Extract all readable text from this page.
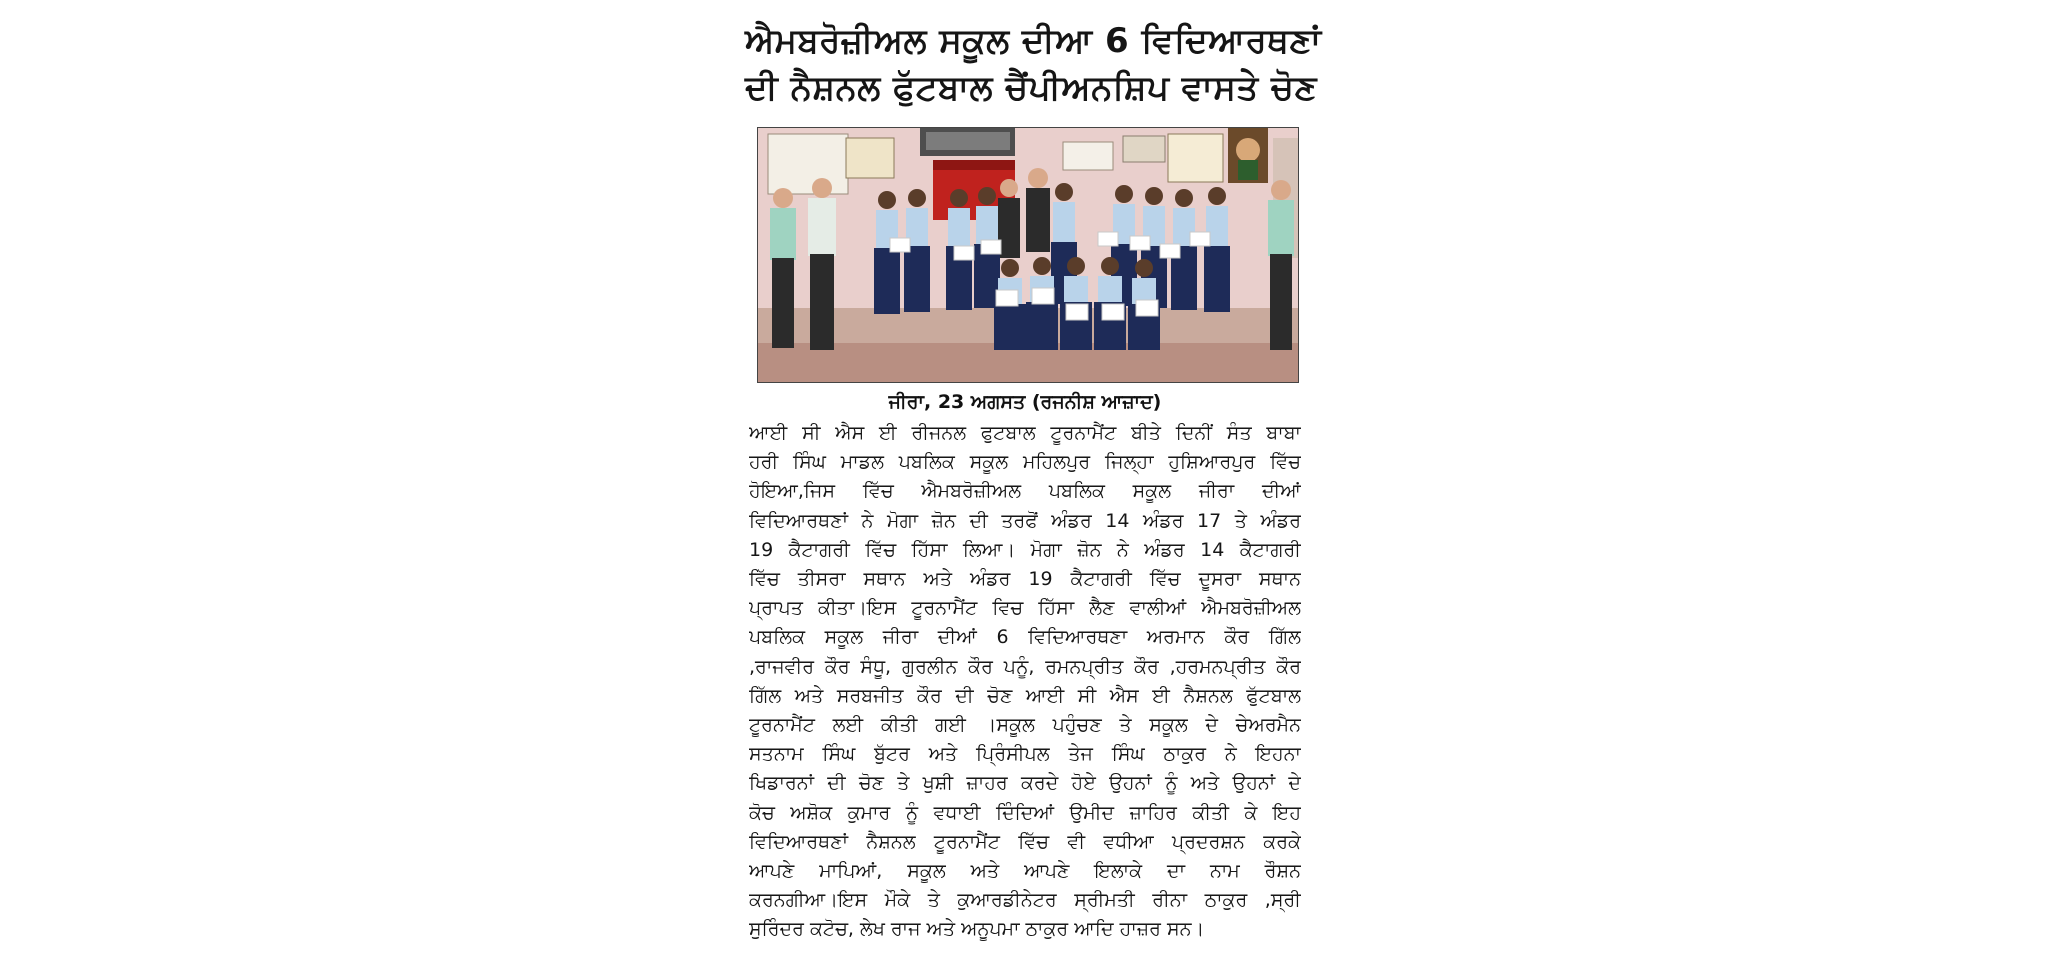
ਐਮਬਰੋਜ਼ੀਅਲ ਸਕੂਲ ਦੀਆ 6 ਵਿਦਿਆਰਥਣਾਂ
ਦੀ ਨੈਸ਼ਨਲ ਫੁੱਟਬਾਲ ਚੈਂਪੀਅਨਸ਼ਿਪ ਵਾਸਤੇ ਚੋਣ
ਜੀਰਾ, 23 ਅਗਸਤ (ਰਜਨੀਸ਼ ਆਜ਼ਾਦ)
ਆਈ ਸੀ ਐਸ ਈ ਰੀਜਨਲ ਫੁਟਬਾਲ ਟੂਰਨਾਮੈਂਟ ਬੀਤੇ ਦਿਨੀਂ ਸੰਤ ਬਾਬਾ
ਹਰੀ ਸਿੰਘ ਮਾਡਲ ਪਬਲਿਕ ਸਕੂਲ ਮਹਿਲਪੁਰ ਜਿਲ੍ਹਾ ਹੁਸ਼ਿਆਰਪੁਰ ਵਿੱਚ
ਹੋਇਆ,ਜਿਸ ਵਿੱਚ ਐਮਬਰੋਜ਼ੀਅਲ ਪਬਲਿਕ ਸਕੂਲ ਜੀਰਾ ਦੀਆਂ
ਵਿਦਿਆਰਥਣਾਂ ਨੇ ਮੋਗਾ ਜ਼ੋਨ ਦੀ ਤਰਫੋਂ ਅੰਡਰ 14 ਅੰਡਰ 17 ਤੇ ਅੰਡਰ
19 ਕੈਟਾਗਰੀ ਵਿੱਚ ਹਿੱਸਾ ਲਿਆ। ਮੋਗਾ ਜ਼ੋਨ ਨੇ ਅੰਡਰ 14 ਕੈਟਾਗਰੀ
ਵਿੱਚ ਤੀਸਰਾ ਸਥਾਨ ਅਤੇ ਅੰਡਰ 19 ਕੈਟਾਗਰੀ ਵਿੱਚ ਦੂਸਰਾ ਸਥਾਨ
ਪ੍ਰਾਪਤ ਕੀਤਾ।ਇਸ ਟੂਰਨਾਮੈਂਟ ਵਿਚ ਹਿੱਸਾ ਲੈਣ ਵਾਲੀਆਂ ਐਮਬਰੋਜ਼ੀਅਲ
ਪਬਲਿਕ ਸਕੂਲ ਜੀਰਾ ਦੀਆਂ 6 ਵਿਦਿਆਰਥਣਾ ਅਰਮਾਨ ਕੌਰ ਗਿੱਲ
,ਰਾਜਵੀਰ ਕੌਰ ਸੰਧੂ, ਗੁਰਲੀਨ ਕੌਰ ਪਨੂੰ, ਰਮਨਪ੍ਰੀਤ ਕੌਰ ,ਹਰਮਨਪ੍ਰੀਤ ਕੌਰ
ਗਿੱਲ ਅਤੇ ਸਰਬਜੀਤ ਕੌਰ ਦੀ ਚੋਣ ਆਈ ਸੀ ਐਸ ਈ ਨੈਸ਼ਨਲ ਫੁੱਟਬਾਲ
ਟੂਰਨਾਮੈਂਟ ਲਈ ਕੀਤੀ ਗਈ ।ਸਕੂਲ ਪਹੁੰਚਣ ਤੇ ਸਕੂਲ ਦੇ ਚੇਅਰਮੈਨ
ਸਤਨਾਮ ਸਿੰਘ ਬੁੱਟਰ ਅਤੇ ਪ੍ਰਿੰਸੀਪਲ ਤੇਜ ਸਿੰਘ ਠਾਕੁਰ ਨੇ ਇਹਨਾ
ਖਿਡਾਰਨਾਂ ਦੀ ਚੋਣ ਤੇ ਖੁਸ਼ੀ ਜ਼ਾਹਰ ਕਰਦੇ ਹੋਏ ਉਹਨਾਂ ਨੂੰ ਅਤੇ ਉਹਨਾਂ ਦੇ
ਕੋਚ ਅਸ਼ੋਕ ਕੁਮਾਰ ਨੂੰ ਵਧਾਈ ਦਿੰਦਿਆਂ ਉਮੀਦ ਜ਼ਾਹਿਰ ਕੀਤੀ ਕੇ ਇਹ
ਵਿਦਿਆਰਥਣਾਂ ਨੈਸ਼ਨਲ ਟੂਰਨਾਮੈਂਟ ਵਿੱਚ ਵੀ ਵਧੀਆ ਪ੍ਰਦਰਸ਼ਨ ਕਰਕੇ
ਆਪਣੇ ਮਾਪਿਆਂ, ਸਕੂਲ ਅਤੇ ਆਪਣੇ ਇਲਾਕੇ ਦਾ ਨਾਮ ਰੌਸ਼ਨ
ਕਰਨਗੀਆ।ਇਸ ਮੌਕੇ ਤੇ ਕੁਆਰਡੀਨੇਟਰ ਸ੍ਰੀਮਤੀ ਰੀਨਾ ਠਾਕੁਰ ,ਸ੍ਰੀ
ਸੁਰਿੰਦਰ ਕਟੋਚ, ਲੇਖ ਰਾਜ ਅਤੇ ਅਨੂਪਮਾ ਠਾਕੁਰ ਆਦਿ ਹਾਜ਼ਰ ਸਨ।
